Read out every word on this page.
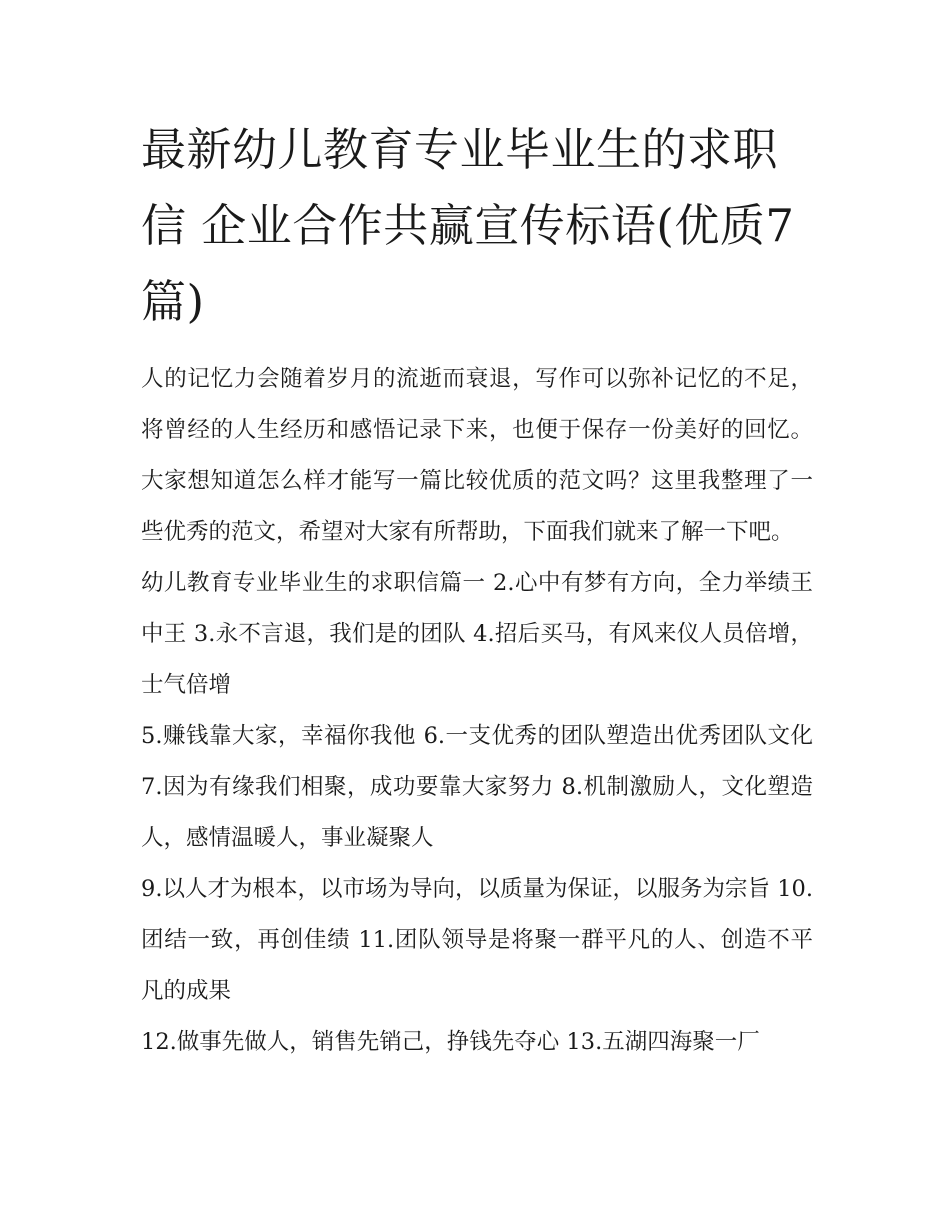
最新幼儿教育专业毕业生的求职信 企业合作共赢宣传标语(优质7篇)

人的记忆力会随着岁月的流逝而衰退，写作可以弥补记忆的不足，将曾经的人生经历和感悟记录下来，也便于保存一份美好的回忆。大家想知道怎么样才能写一篇比较优质的范文吗？这里我整理了一些优秀的范文，希望对大家有所帮助，下面我们就来了解一下吧。

幼儿教育专业毕业生的求职信篇一 2.心中有梦有方向，全力举绩王中王 3.永不言退，我们是的团队 4.招后买马，有风来仪人员倍增，士气倍增

5.赚钱靠大家，幸福你我他 6.一支优秀的团队塑造出优秀团队文化 7.因为有缘我们相聚，成功要靠大家努力 8.机制激励人，文化塑造人，感情温暖人，事业凝聚人

9.以人才为根本，以市场为导向，以质量为保证，以服务为宗旨 10.团结一致，再创佳绩 11.团队领导是将聚一群平凡的人、创造不平凡的成果

12.做事先做人，销售先销己，挣钱先夺心 13.五湖四海聚一厂
